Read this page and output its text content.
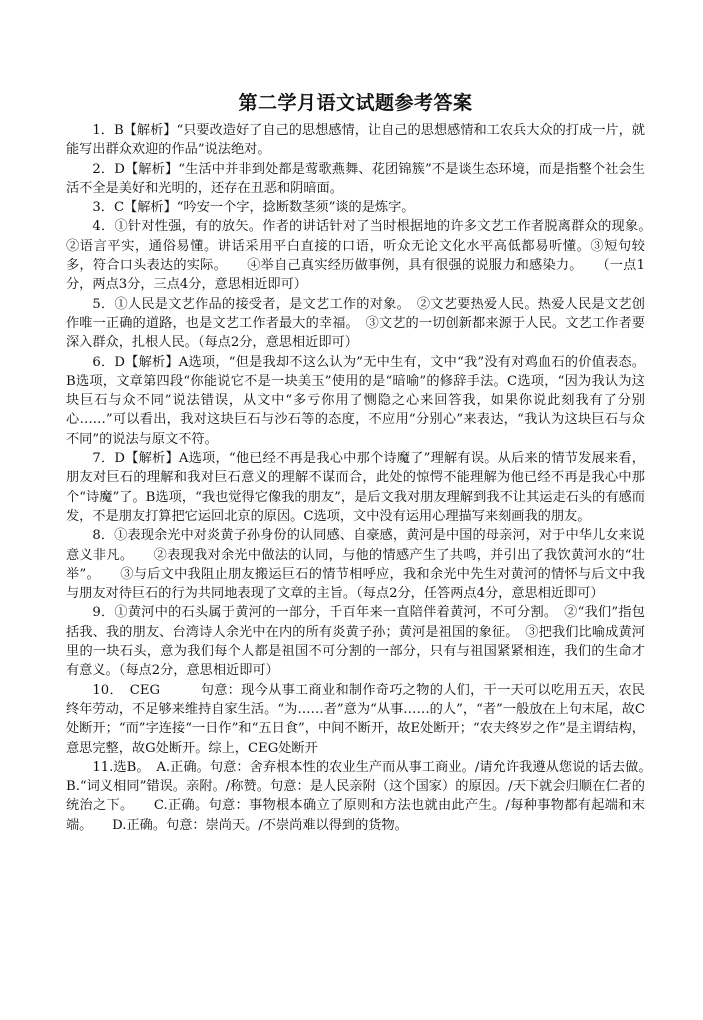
第二学月语文试题参考答案

1．B【解析】“只要改造好了自己的思想感情，让自己的思想感情和工农兵大众的打成一片，就能写出群众欢迎的作品”说法绝对。

2．D【解析】“生活中并非到处都是莺歌燕舞、花团锦簇”不是谈生态环境，而是指整个社会生活不全是美好和光明的，还存在丑恶和阴暗面。

3．C【解析】“吟安一个字，捻断数茎须”谈的是炼字。

4．①针对性强，有的放矢。作者的讲话针对了当时根据地的许多文艺工作者脱离群众的现象。　　②语言平实，通俗易懂。讲话采用平白直接的口语，听众无论文化水平高低都易听懂。③短句较多，符合口头表达的实际。　　④举自己真实经历做事例，具有很强的说服力和感染力。　　（一点1分，两点3分，三点4分，意思相近即可）

5．①人民是文艺作品的接受者，是文艺工作的对象。　②文艺要热爱人民。热爱人民是文艺创作唯一正确的道路，也是文艺工作者最大的幸福。　③文艺的一切创新都来源于人民。文艺工作者要深入群众，扎根人民。（每点2分，意思相近即可）

6．D【解析】A选项，“但是我却不这么认为”无中生有，文中“我”没有对鸡血石的价值表态。B选项，文章第四段“你能说它不是一块美玉”使用的是“暗喻”的修辞手法。C选项，“因为我认为这块巨石与众不同”说法错误，从文中“多亏你用了恻隐之心来回答我，如果你说此刻我有了分别心……”可以看出，我对这块巨石与沙石等的态度，不应用“分别心”来表达，“我认为这块巨石与众不同”的说法与原文不符。

7．D【解析】A选项，“他已经不再是我心中那个诗魔了”理解有误。从后来的情节发展来看，朋友对巨石的理解和我对巨石意义的理解不谋而合，此处的惊愕不能理解为他已经不再是我心中那个“诗魔”了。B选项，“我也觉得它像我的朋友”，是后文我对朋友理解到我不让其运走石头的有感而发，不是朋友打算把它运回北京的原因。C选项，文中没有运用心理描写来刻画我的朋友。

8．①表现余光中对炎黄子孙身份的认同感、自豪感，黄河是中国的母亲河，对于中华儿女来说意义非凡。　　②表现我对余光中做法的认同，与他的情感产生了共鸣，并引出了我饮黄河水的“壮举”。　　③与后文中我阻止朋友搬运巨石的情节相呼应，我和余光中先生对黄河的情怀与后文中我与朋友对待巨石的行为共同地表现了文章的主旨。（每点2分，任答两点4分，意思相近即可）

9．①黄河中的石头属于黄河的一部分，千百年来一直陪伴着黄河，不可分割。　②“我们”指包括我、我的朋友、台湾诗人余光中在内的所有炎黄子孙；黄河是祖国的象征。　③把我们比喻成黄河里的一块石头，意为我们每个人都是祖国不可分割的一部分，只有与祖国紧紧相连，我们的生命才有意义。（每点2分，意思相近即可）

10．　CEG　　　句意：现今从事工商业和制作奇巧之物的人们，干一天可以吃用五天，农民终年劳动，不足够来维持自家生活。“为……者”意为“从事……的人”，“者”一般放在上句末尾，故C处断开；“而”字连接“一日作”和“五日食”，中间不断开，故E处断开；“农夫终岁之作”是主谓结构，意思完整，故G处断开。综上，CEG处断开

11.选B。　A.正确。句意：舍弃根本性的农业生产而从事工商业。/请允许我遵从您说的话去做。　　B.“词义相同”错误。亲附。/称赞。句意：是人民亲附（这个国家）的原因。/天下就会归顺在仁者的统治之下。　　C.正确。句意：事物根本确立了原则和方法也就由此产生。/每种事物都有起端和末端。　　D.正确。句意：崇尚天。/不崇尚难以得到的货物。
